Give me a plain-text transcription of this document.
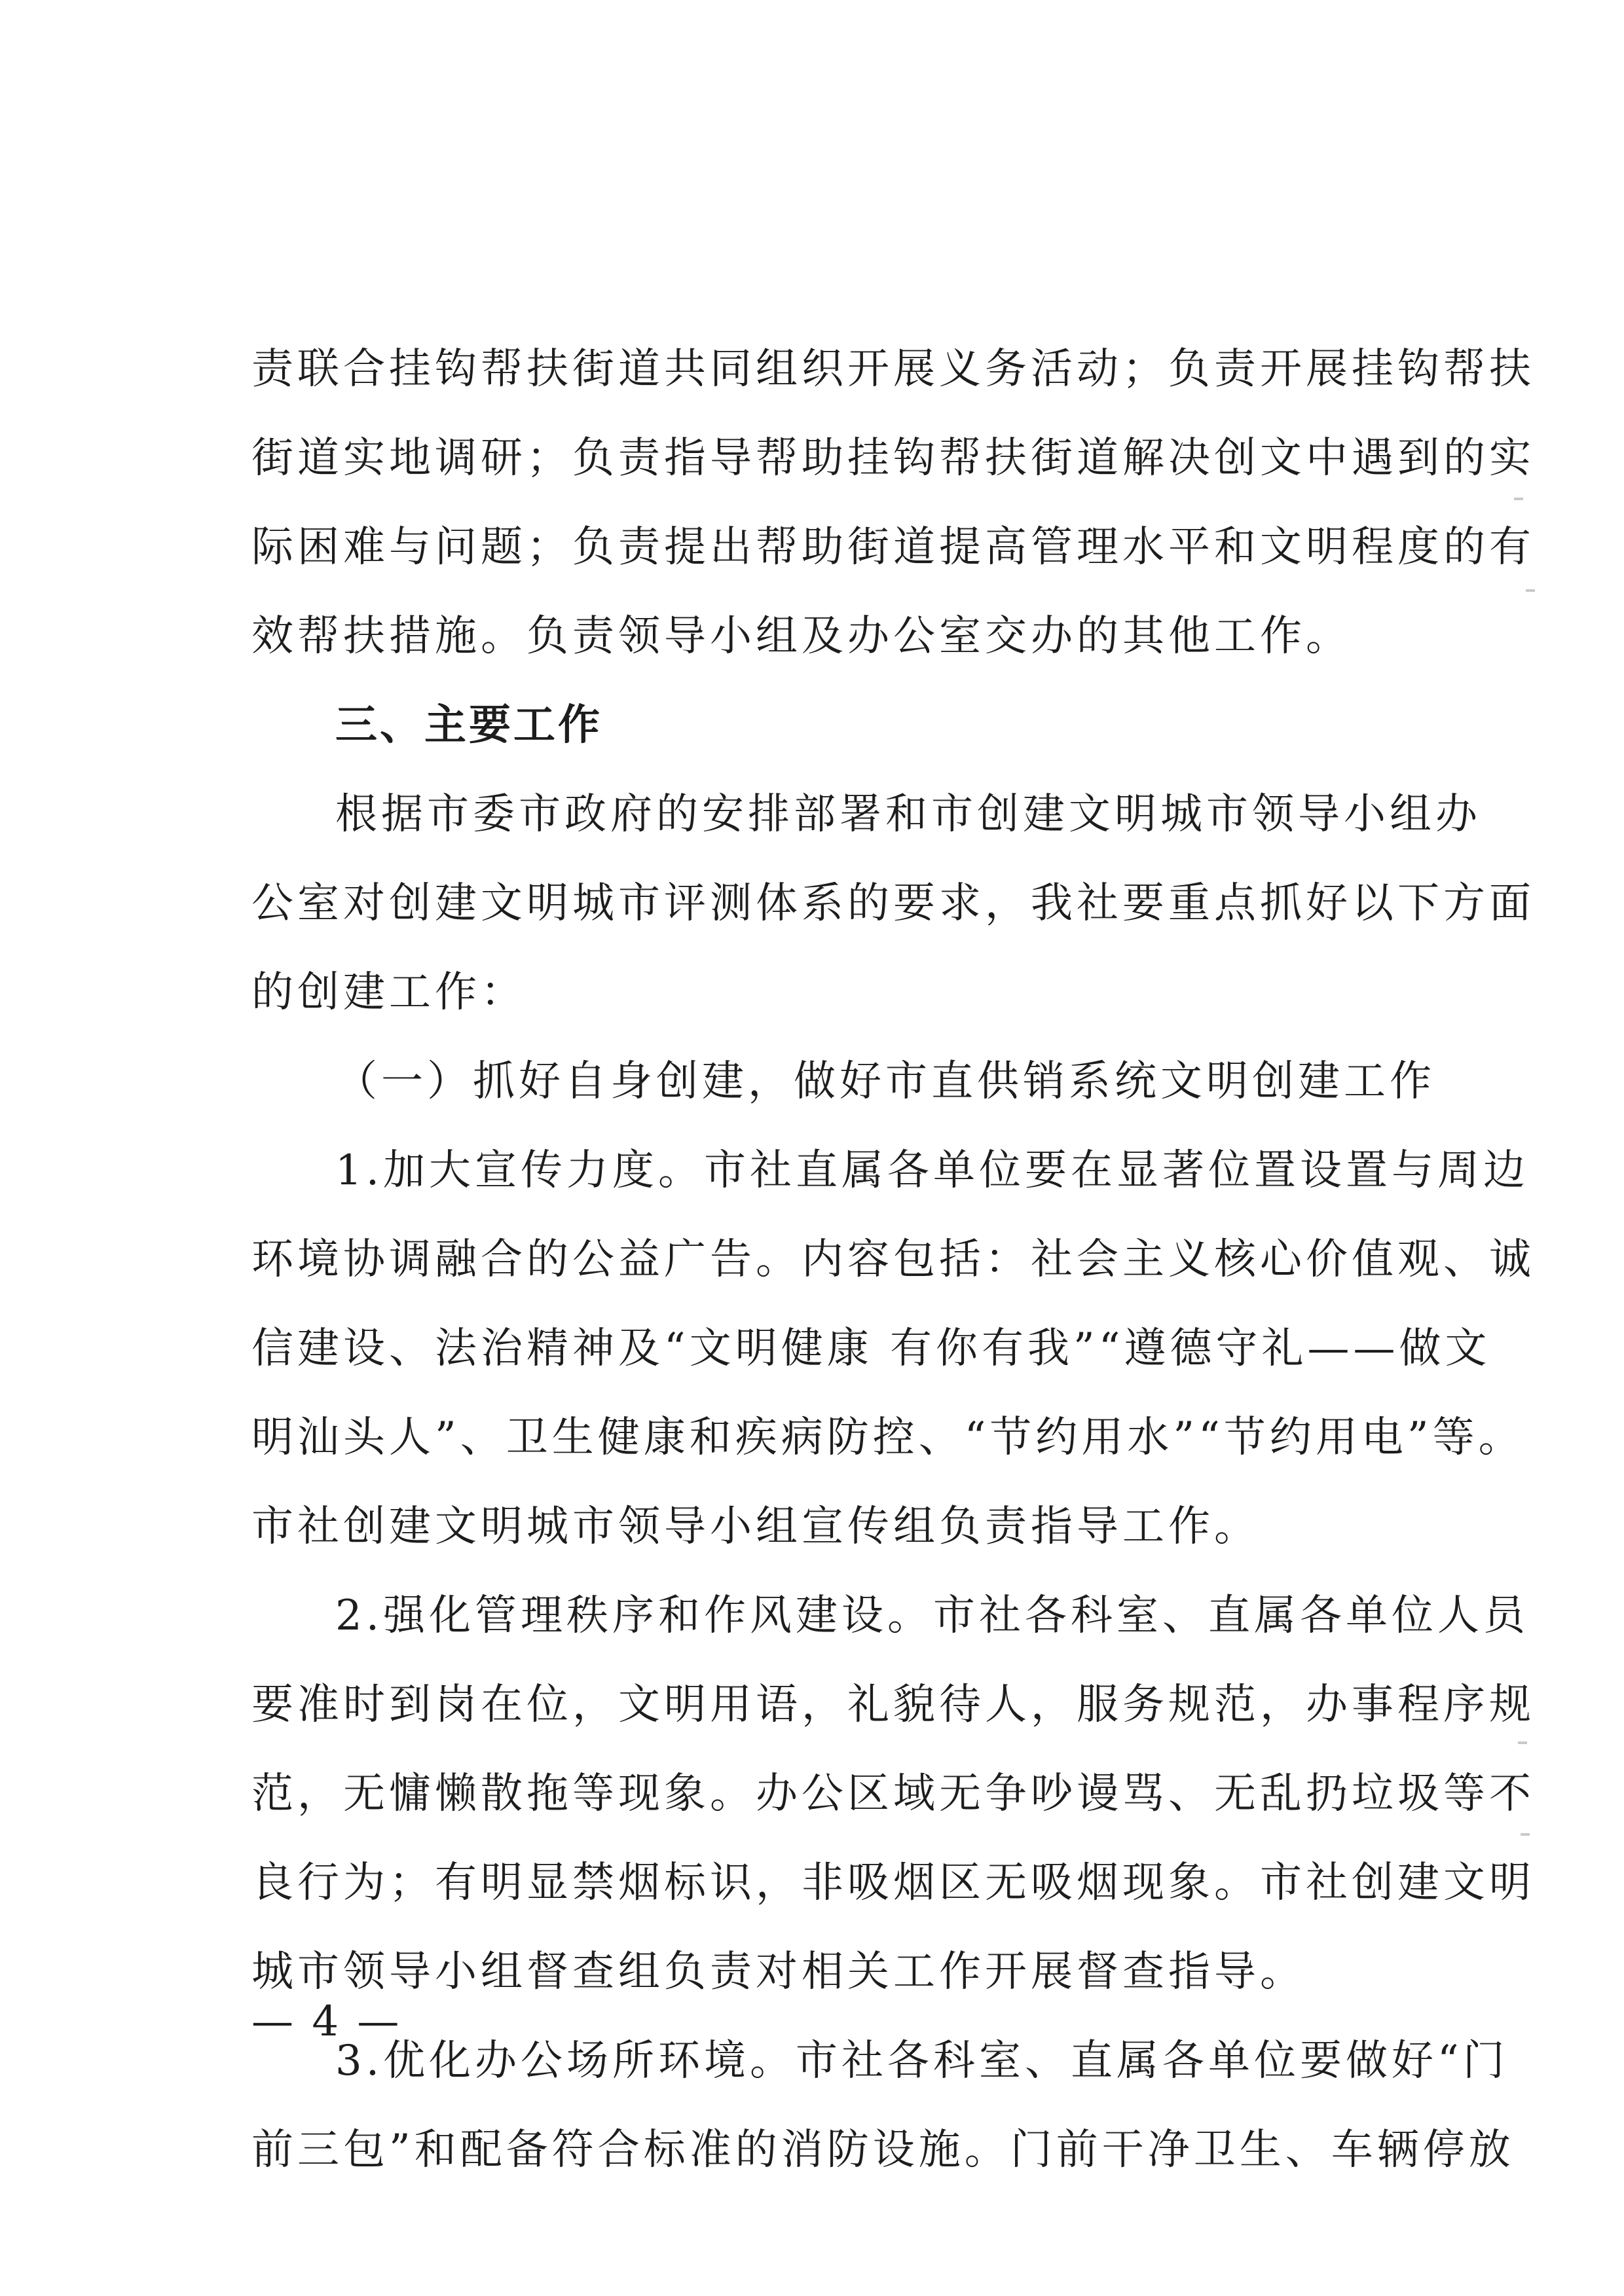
责联合挂钩帮扶街道共同组织开展义务活动；负责开展挂钩帮扶
街道实地调研；负责指导帮助挂钩帮扶街道解决创文中遇到的实
际困难与问题；负责提出帮助街道提高管理水平和文明程度的有
效帮扶措施。负责领导小组及办公室交办的其他工作。
三、主要工作
根据市委市政府的安排部署和市创建文明城市领导小组办
公室对创建文明城市评测体系的要求，我社要重点抓好以下方面
的创建工作：
（一）抓好自身创建，做好市直供销系统文明创建工作
1.加大宣传力度。市社直属各单位要在显著位置设置与周边
环境协调融合的公益广告。内容包括：社会主义核心价值观、诚
信建设、法治精神及“文明健康 有你有我”“遵德守礼——做文
明汕头人”、卫生健康和疾病防控、“节约用水”“节约用电”等。
市社创建文明城市领导小组宣传组负责指导工作。
2.强化管理秩序和作风建设。市社各科室、直属各单位人员
要准时到岗在位，文明用语，礼貌待人，服务规范，办事程序规
范，无慵懒散拖等现象。办公区域无争吵谩骂、无乱扔垃圾等不
良行为；有明显禁烟标识，非吸烟区无吸烟现象。市社创建文明
城市领导小组督查组负责对相关工作开展督查指导。
3.优化办公场所环境。市社各科室、直属各单位要做好“门
前三包”和配备符合标准的消防设施。门前干净卫生、车辆停放
— 4 —
